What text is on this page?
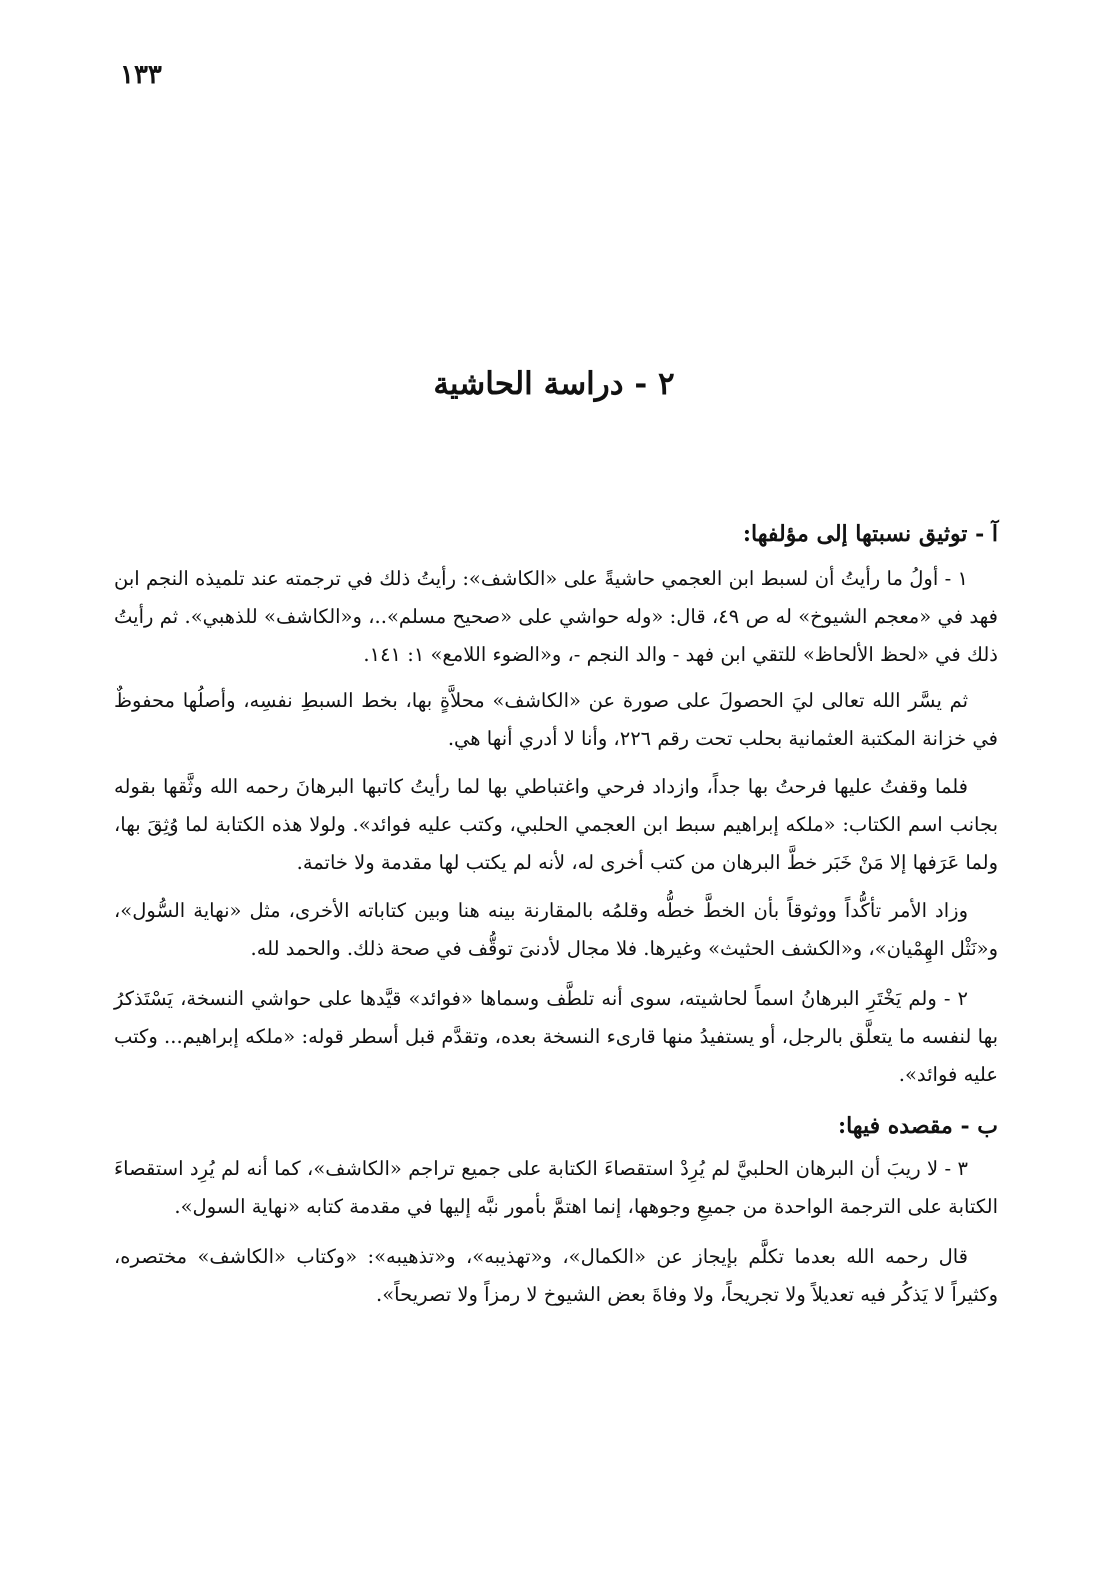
١٣٣
٢ - دراسة الحاشية
آ - توثيق نسبتها إلى مؤلفها:

١ - أولُ ما رأيتُ أن لسبط ابن العجمي حاشيةً على «الكاشف»: رأيتُ ذلك في ترجمته عند تلميذه النجم ابن فهد في «معجم الشيوخ» له ص ٤٩، قال: «وله حواشي على «صحيح مسلم»..، و«الكاشف» للذهبي». ثم رأيتُ ذلك في «لحظ الألحاظ» للتقي ابن فهد - والد النجم -، و«الضوء اللامع» ١: ١٤١.

ثم يسَّر الله تعالى ليَ الحصولَ على صورة عن «الكاشف» محلاَّةٍ بها، بخط السبطِ نفسِه، وأصلُها محفوظٌ في خزانة المكتبة العثمانية بحلب تحت رقم ٢٢٦، وأنا لا أدري أنها هي.

فلما وقفتُ عليها فرحتُ بها جداً، وازداد فرحي واغتباطي بها لما رأيتُ كاتبها البرهانَ رحمه الله وثَّقها بقوله بجانب اسم الكتاب: «ملكه إبراهيم سبط ابن العجمي الحلبي، وكتب عليه فوائد». ولولا هذه الكتابة لما وُثِقَ بها، ولما عَرَفها إلا مَنْ خَبَر خطَّ البرهان من كتب أخرى له، لأنه لم يكتب لها مقدمة ولا خاتمة.

وزاد الأمر تأكُّداً ووثوقاً بأن الخطَّ خطُّه وقلمُه بالمقارنة بينه هنا وبين كتاباته الأخرى، مثل «نهاية السُّول»، و«نَثْل الهِمْيان»، و«الكشف الحثيث» وغيرها. فلا مجال لأدنىَ توقُّف في صحة ذلك. والحمد لله.

٢ - ولم يَخْتَرِ البرهانُ اسماً لحاشيته، سوى أنه تلطَّف وسماها «فوائد» قيَّدها على حواشي النسخة، يَسْتَذكرُ بها لنفسه ما يتعلَّق بالرجل، أو يستفيدُ منها قارىء النسخة بعده، وتقدَّم قبل أسطر قوله: «ملكه إبراهيم... وكتب عليه فوائد».

ب - مقصده فيها:

٣ - لا ريبَ أن البرهان الحلبيَّ لم يُرِدْ استقصاءَ الكتابة على جميع تراجم «الكاشف»، كما أنه لم يُرِد استقصاءَ الكتابة على الترجمة الواحدة من جميعِ وجوهها، إنما اهتمَّ بأمور نبَّه إليها في مقدمة كتابه «نهاية السول».

قال رحمه الله بعدما تكلَّم بإيجاز عن «الكمال»، و«تهذيبه»، و«تذهيبه»: «وكتاب «الكاشف» مختصره، وكثيراً لا يَذكُر فيه تعديلاً ولا تجريحاً، ولا وفاةَ بعض الشيوخ لا رمزاً ولا تصريحاً».
